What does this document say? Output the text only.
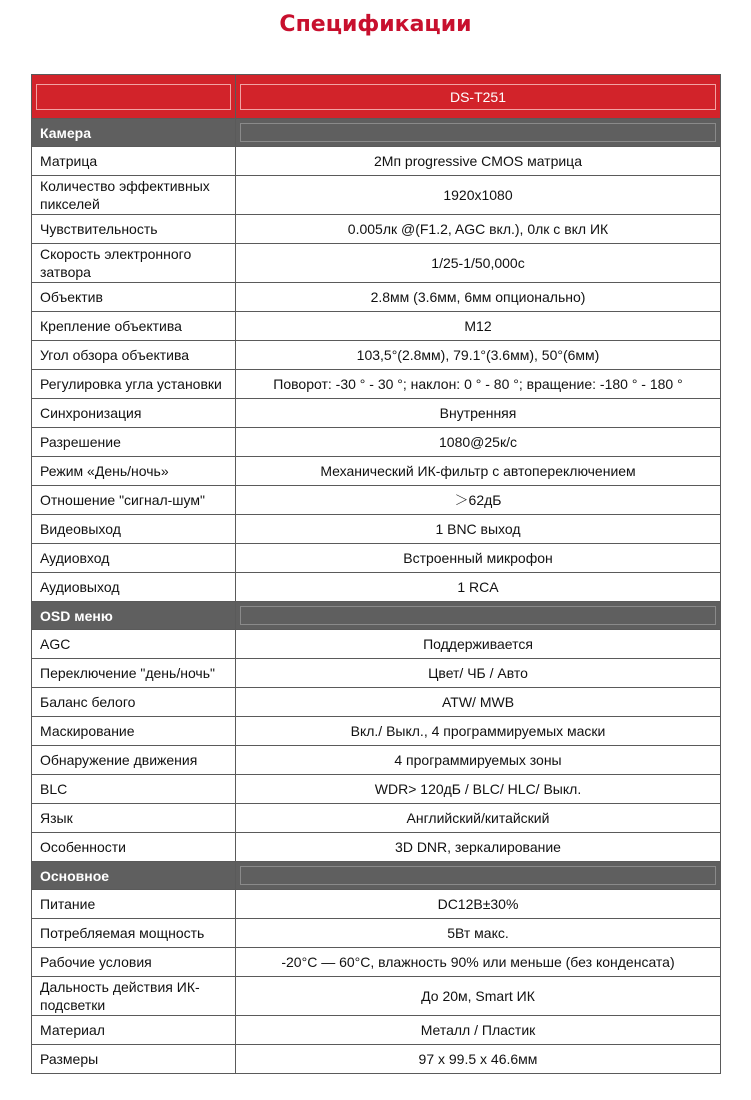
Спецификации

	DS-T251

Камера	

Матрица	2Мп progressive CMOS матрица
Количество эффективных пикселей	1920x1080
Чувствительность	0.005лк @(F1.2, AGC вкл.), 0лк с вкл ИК
Скорость электронного затвора	1/25-1/50,000с
Объектив	2.8мм (3.6мм, 6мм опционально)
Крепление объектива	M12
Угол обзора объектива	103,5°(2.8мм), 79.1°(3.6мм), 50°(6мм)
Регулировка угла установки	Поворот: -30 ° - 30 °; наклон: 0 ° - 80 °; вращение: -180 ° - 180 °
Синхронизация	Внутренняя
Разрешение	1080@25к/с
Режим «День/ночь»	Механический ИК-фильтр с автопереключением
Отношение "сигнал-шум"	＞62дБ
Видеовыход	1 BNC выход
Аудиовход	Встроенный микрофон
Аудиовыход	1 RCA
OSD меню	

AGC	Поддерживается
Переключение "день/ночь"	Цвет/ ЧБ / Авто
Баланс белого	ATW/ MWB
Маскирование	Вкл./ Выкл., 4 программируемых маски
Обнаружение движения	4 программируемых зоны
BLC	WDR> 120дБ / BLC/ HLC/ Выкл.
Язык	Английский/китайский
Особенности	3D DNR, зеркалирование
Основное	

Питание	DC12В±30%
Потребляемая мощность	5Вт макс.
Рабочие условия	-20°C — 60°C, влажность 90% или меньше (без конденсата)
Дальность действия ИК-подсветки	До 20м, Smart ИК
Материал	Металл / Пластик
Размеры	97 x 99.5 x 46.6мм
